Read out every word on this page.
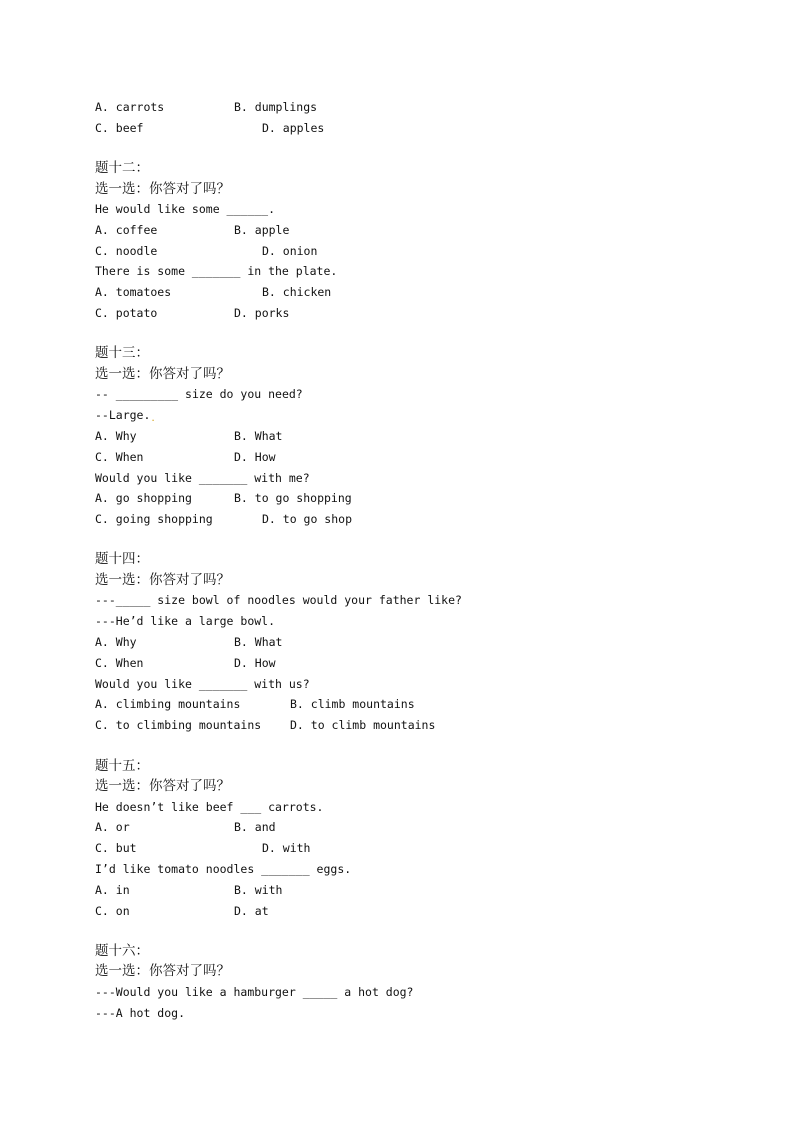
A. carrots

	B. dumplings

C. beef

	D. apples

题十二：
选一选：你答对了吗？
He would like some ______.

A. coffee

	B. apple

C. noodle

	D. onion

There is some _______ in the plate.

A. tomatoes

	B. chicken

C. potato

	D. porks

题十三：
选一选：你答对了吗？
-- _________ size do you need?
--Large..

A. Why

	B. What

C. When

	D. How

Would you like _______ with me?

A. go shopping

	B. to go shopping

C. going shopping

	D. to go shop

题十四：
选一选：你答对了吗？
---_____ size bowl of noodles would your father like?
---He’d like a large bowl.

A. Why

	B. What

C. When

	D. How

Would you like _______ with us?

A. climbing mountains

	B. climb mountains

C. to climbing mountains

	D. to climb mountains

题十五：
选一选：你答对了吗？
He doesn’t like beef ___ carrots.

A. or

	B. and

C. but

	D. with

I’d like tomato noodles _______ eggs.

A. in

	B. with

C. on

	D. at

题十六：
选一选：你答对了吗？
---Would you like a hamburger _____ a hot dog?
---A hot dog.
